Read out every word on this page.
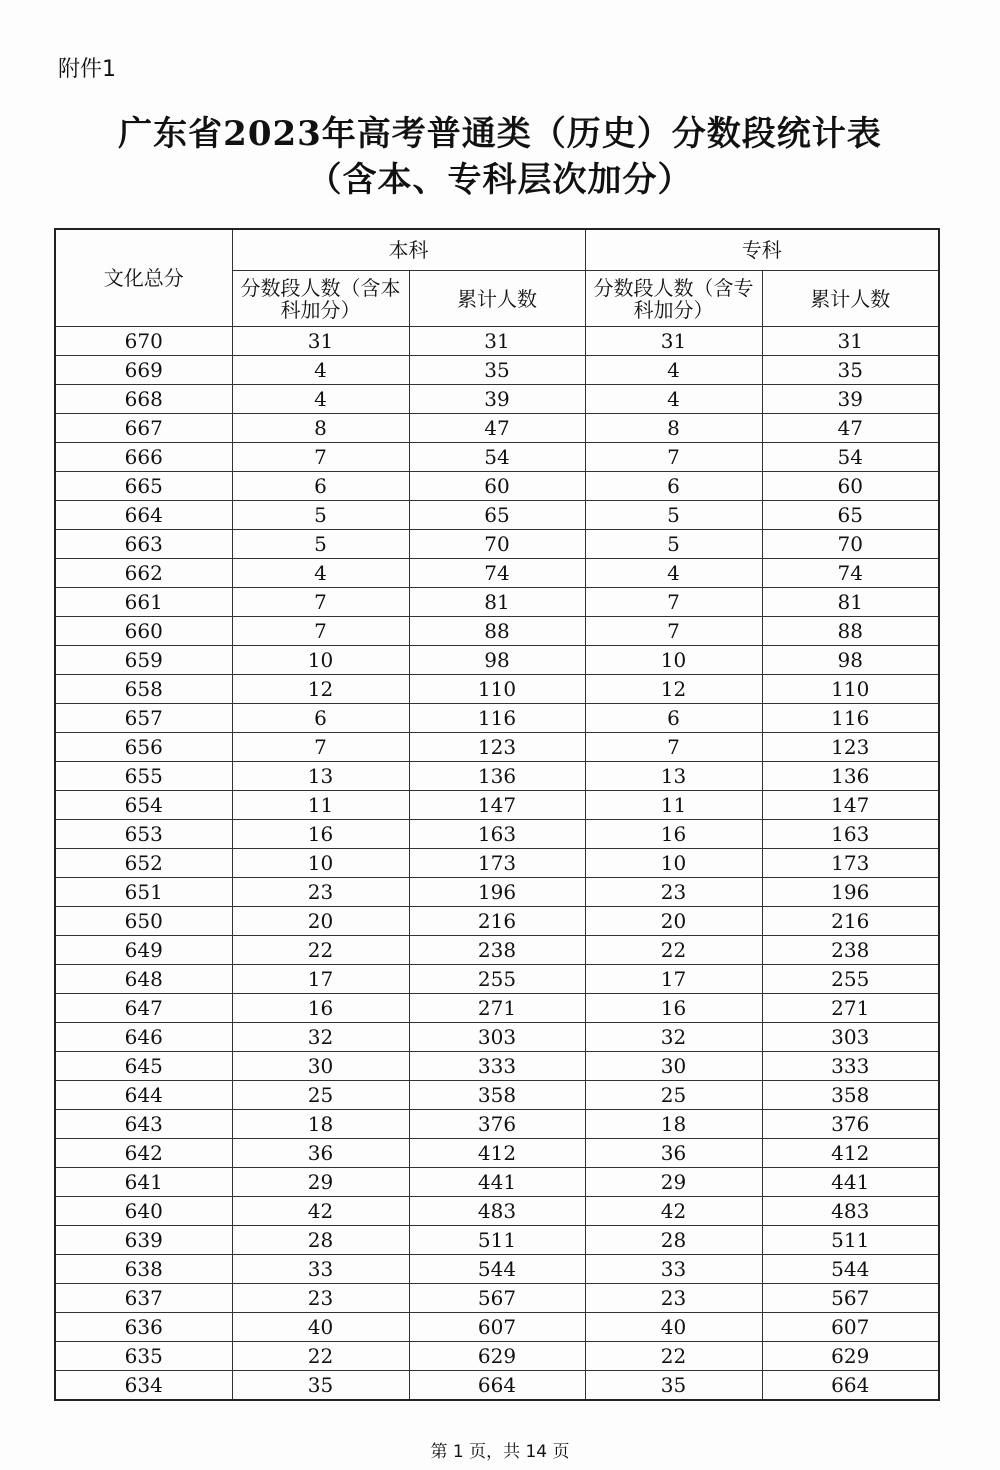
附件1
广东省2023年高考普通类（历史）分数段统计表
（含本、专科层次加分）
文化总分	本科		专科	
	分数段人数（含本科加分）	累计人数	分数段人数（含专科加分）	累计人数
670	31	31	31	31
669	4	35	4	35
668	4	39	4	39
667	8	47	8	47
666	7	54	7	54
665	6	60	6	60
664	5	65	5	65
663	5	70	5	70
662	4	74	4	74
661	7	81	7	81
660	7	88	7	88
659	10	98	10	98
658	12	110	12	110
657	6	116	6	116
656	7	123	7	123
655	13	136	13	136
654	11	147	11	147
653	16	163	16	163
652	10	173	10	173
651	23	196	23	196
650	20	216	20	216
649	22	238	22	238
648	17	255	17	255
647	16	271	16	271
646	32	303	32	303
645	30	333	30	333
644	25	358	25	358
643	18	376	18	376
642	36	412	36	412
641	29	441	29	441
640	42	483	42	483
639	28	511	28	511
638	33	544	33	544
637	23	567	23	567
636	40	607	40	607
635	22	629	22	629
634	35	664	35	664
第 1 页，共 14 页
